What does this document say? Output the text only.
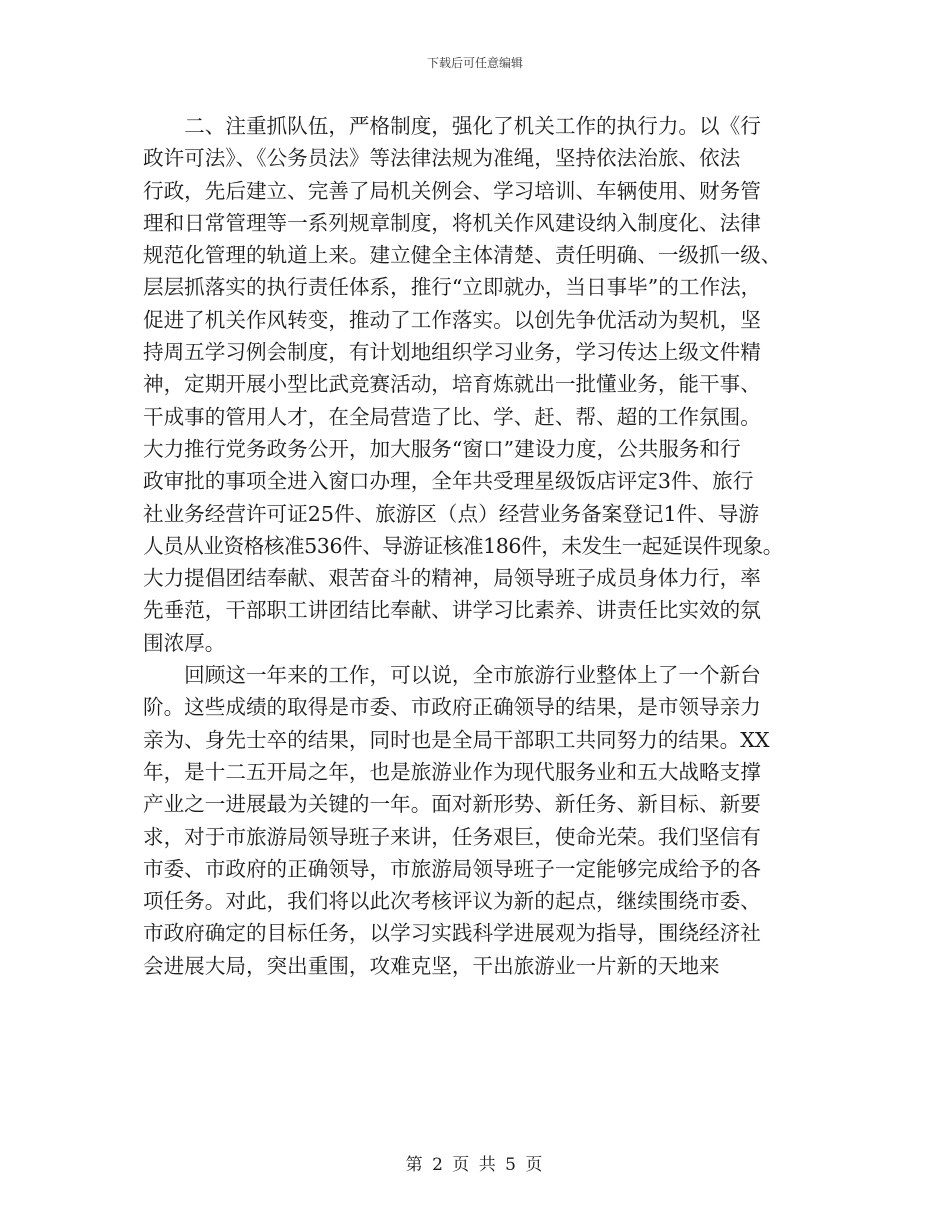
下载后可任意编辑
　　二、注重抓队伍，严格制度，强化了机关工作的执行力。以《行
政许可法》、《公务员法》等法律法规为准绳，坚持依法治旅、依法
行政，先后建立、完善了局机关例会、学习培训、车辆使用、财务管
理和日常管理等一系列规章制度，将机关作风建设纳入制度化、法律
规范化管理的轨道上来。建立健全主体清楚、责任明确、一级抓一级、
层层抓落实的执行责任体系，推行“立即就办，当日事毕”的工作法，
促进了机关作风转变，推动了工作落实。以创先争优活动为契机，坚
持周五学习例会制度，有计划地组织学习业务，学习传达上级文件精
神，定期开展小型比武竞赛活动，培育炼就出一批懂业务，能干事、
干成事的管用人才，在全局营造了比、学、赶、帮、超的工作氛围。
大力推行党务政务公开，加大服务“窗口”建设力度，公共服务和行
政审批的事项全进入窗口办理，全年共受理星级饭店评定3件、旅行
社业务经营许可证25件、旅游区（点）经营业务备案登记1件、导游
人员从业资格核准536件、导游证核准186件，未发生一起延误件现象。
大力提倡团结奉献、艰苦奋斗的精神，局领导班子成员身体力行，率
先垂范，干部职工讲团结比奉献、讲学习比素养、讲责任比实效的氛
围浓厚。
　　回顾这一年来的工作，可以说，全市旅游行业整体上了一个新台
阶。这些成绩的取得是市委、市政府正确领导的结果，是市领导亲力
亲为、身先士卒的结果，同时也是全局干部职工共同努力的结果。XX
年，是十二五开局之年，也是旅游业作为现代服务业和五大战略支撑
产业之一进展最为关键的一年。面对新形势、新任务、新目标、新要
求，对于市旅游局领导班子来讲，任务艰巨，使命光荣。我们坚信有
市委、市政府的正确领导，市旅游局领导班子一定能够完成给予的各
项任务。对此，我们将以此次考核评议为新的起点，继续围绕市委、
市政府确定的目标任务，以学习实践科学进展观为指导，围绕经济社
会进展大局，突出重围，攻难克坚，干出旅游业一片新的天地来
第 2 页 共 5 页
